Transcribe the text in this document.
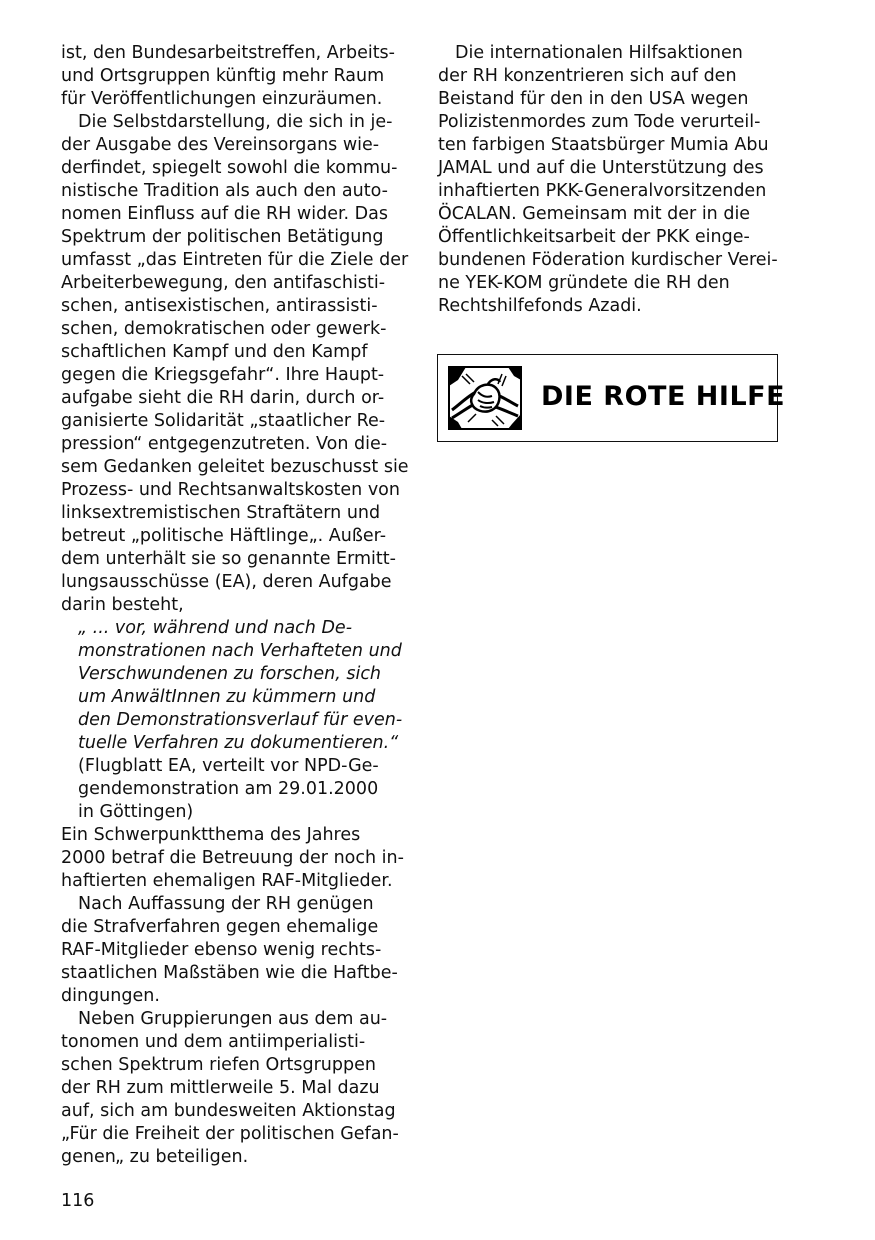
ist, den Bundesarbeitstreffen, Arbeits-
und Ortsgruppen künftig mehr Raum
für Veröffentlichungen einzuräumen.
Die Selbstdarstellung, die sich in je-
der Ausgabe des Vereinsorgans wie-
derfindet, spiegelt sowohl die kommu-
nistische Tradition als auch den auto-
nomen Einfluss auf die RH wider. Das
Spektrum der politischen Betätigung
umfasst „das Eintreten für die Ziele der
Arbeiterbewegung, den antifaschisti-
schen, antisexistischen, antirassisti-
schen, demokratischen oder gewerk-
schaftlichen Kampf und den Kampf
gegen die Kriegsgefahr“. Ihre Haupt-
aufgabe sieht die RH darin, durch or-
ganisierte Solidarität „staatlicher Re-
pression“ entgegenzutreten. Von die-
sem Gedanken geleitet bezuschusst sie
Prozess- und Rechtsanwaltskosten von
linksextremistischen Straftätern und
betreut „politische Häftlinge„. Außer-
dem unterhält sie so genannte Ermitt-
lungsausschüsse (EA), deren Aufgabe
darin besteht,
„ ... vor, während und nach De-
monstrationen nach Verhafteten und
Verschwundenen zu forschen, sich
um AnwältInnen zu kümmern und
den Demonstrationsverlauf für even-
tuelle Verfahren zu dokumentieren.“
(Flugblatt EA, verteilt vor NPD-Ge-
gendemonstration am 29.01.2000
in Göttingen)
Ein Schwerpunktthema des Jahres
2000 betraf die Betreuung der noch in-
haftierten ehemaligen RAF-Mitglieder.
Nach Auffassung der RH genügen
die Strafverfahren gegen ehemalige
RAF-Mitglieder ebenso wenig rechts-
staatlichen Maßstäben wie die Haftbe-
dingungen.
Neben Gruppierungen aus dem au-
tonomen und dem antiimperialisti-
schen Spektrum riefen Ortsgruppen
der RH zum mittlerweile 5. Mal dazu
auf, sich am bundesweiten Aktionstag
„Für die Freiheit der politischen Gefan-
genen„ zu beteiligen.
Die internationalen Hilfsaktionen
der RH konzentrieren sich auf den
Beistand für den in den USA wegen
Polizistenmordes zum Tode verurteil-
ten farbigen Staatsbürger Mumia Abu
JAMAL und auf die Unterstützung des
inhaftierten PKK-Generalvorsitzenden
ÖCALAN. Gemeinsam mit der in die
Öffentlichkeitsarbeit der PKK einge-
bundenen Föderation kurdischer Verei-
ne YEK-KOM gründete die RH den
Rechtshilfefonds Azadi.
DIE ROTE HILFE
116
